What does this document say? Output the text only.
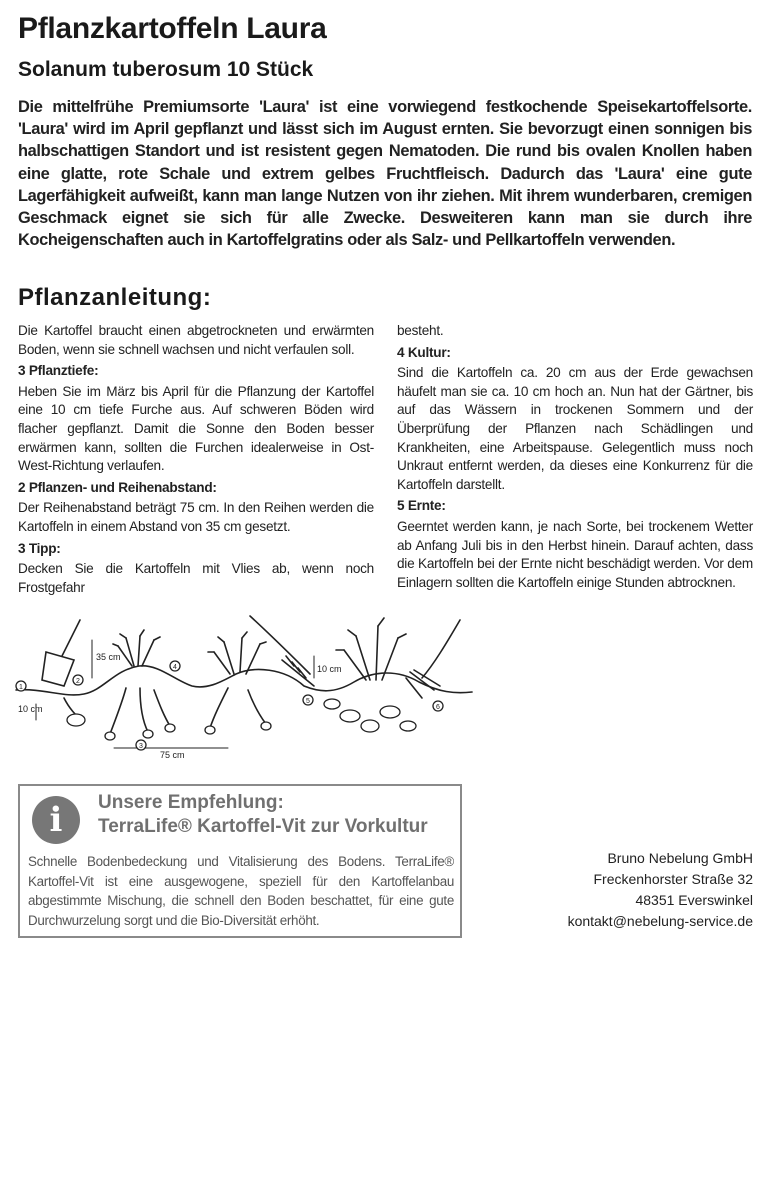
Pflanzkartoffeln Laura
Solanum tuberosum 10 Stück

Die mittelfrühe Premiumsorte 'Laura' ist eine vorwiegend festkochende Speisekartoffelsorte. 'Laura' wird im April gepflanzt und lässt sich im August ernten. Sie bevorzugt einen sonnigen bis halbschattigen Standort und ist resistent gegen Nematoden. Die rund bis ovalen Knollen haben eine glatte, rote Schale und extrem gelbes Fruchtfleisch. Dadurch das 'Laura' eine gute Lagerfähigkeit aufweißt, kann man lange Nutzen von ihr ziehen. Mit ihrem wunderbaren, cremigen Geschmack eignet sie sich für alle Zwecke. Desweiteren kann man sie durch ihre Kocheigenschaften auch in Kartoffelgratins oder als Salz- und Pellkartoffeln verwenden.

Pflanzanleitung:

Die Kartoffel braucht einen abgetrockneten und erwärmten Boden, wenn sie schnell wachsen und nicht verfaulen soll.

3 Pflanztiefe:

Heben Sie im März bis April für die Pflanzung der Kartoffel eine 10 cm tiefe Furche aus. Auf schweren Böden wird flacher gepflanzt. Damit die Sonne den Boden besser erwärmen kann, sollten die Furchen idealerweise in Ost-West-Richtung verlaufen.

2 Pflanzen- und Reihenabstand:

Der Reihenabstand beträgt 75 cm. In den Reihen werden die Kartoffeln in einem Abstand von 35 cm gesetzt.

3 Tipp:

Decken Sie die Kartoffeln mit Vlies ab, wenn noch Frostgefahr

besteht.

4 Kultur:

Sind die Kartoffeln ca. 20 cm aus der Erde gewachsen häufelt man sie ca. 10 cm hoch an. Nun hat der Gärtner, bis auf das Wässern in trockenen Sommern und der Überprüfung der Pflanzen nach Schädlingen und Krankheiten, eine Arbeitspause. Gelegentlich muss noch Unkraut entfernt werden, da dieses eine Konkurrenz für die Kartoffeln darstellt.

5 Ernte:

Geerntet werden kann, je nach Sorte, bei trockenem Wetter ab Anfang Juli bis in den Herbst hinein. Darauf achten, dass die Kartoffeln bei der Ernte nicht beschädigt werden. Vor dem Einlagern sollten die Kartoffeln einige Stunden abtrocknen.

35 cm
10 cm
75 cm
10 cm
1
2
3
4
5
6
i	Unsere Empfehlung:

TerraLife® Kartoffel-Vit zur Vorkultur

Schnelle Bodenbedeckung und Vitalisierung des Bodens. TerraLife® Kartoffel-Vit ist eine ausgewogene, speziell für den Kartoffelanbau abgestimmte Mischung, die schnell den Boden beschattet, für eine gute Durchwurzelung sorgt und die Bio-Diversität erhöht.

Bruno Nebelung GmbH
Freckenhorster Straße 32
48351 Everswinkel
kontakt@nebelung-service.de
